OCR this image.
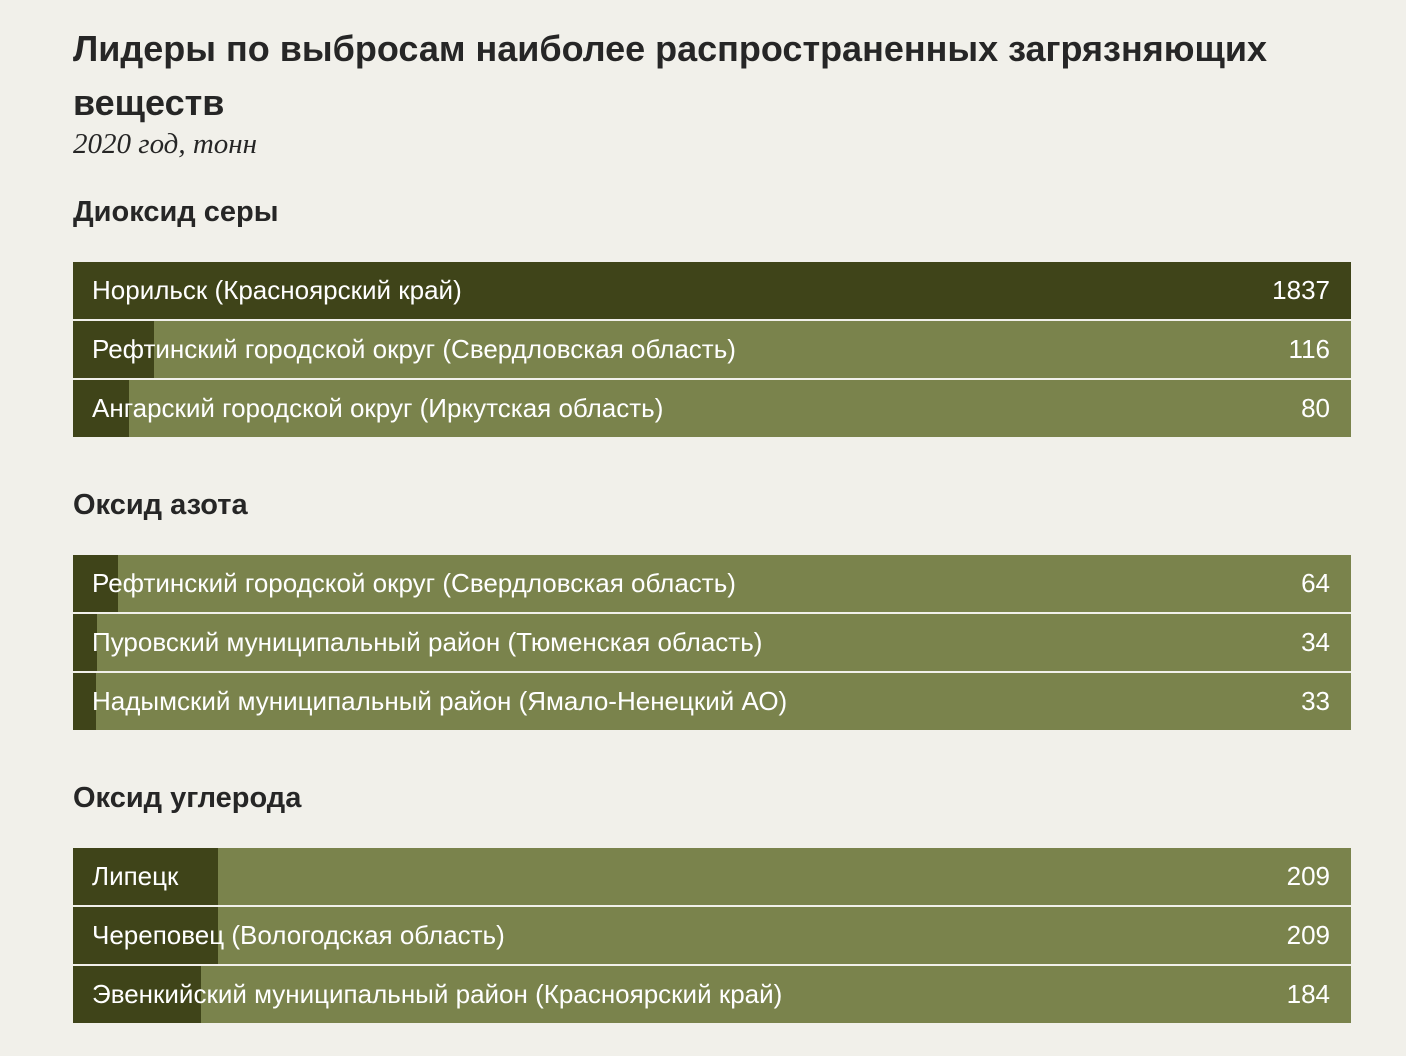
Лидеры по выбросам наиболее распространенных загрязняющих веществ

2020 год, тонн

Диоксид серы
Норильск (Красноярский край)	1837
Рефтинский городской округ (Свердловская область)	116
Ангарский городской округ (Иркутская область)	80
Оксид азота
Рефтинский городской округ (Свердловская область)	64
Пуровский муниципальный район (Тюменская область)	34
Надымский муниципальный район (Ямало-Ненецкий АО)	33
Оксид углерода
Липецк	209
Череповец (Вологодская область)	209
Эвенкийский муниципальный район (Красноярский край)	184
